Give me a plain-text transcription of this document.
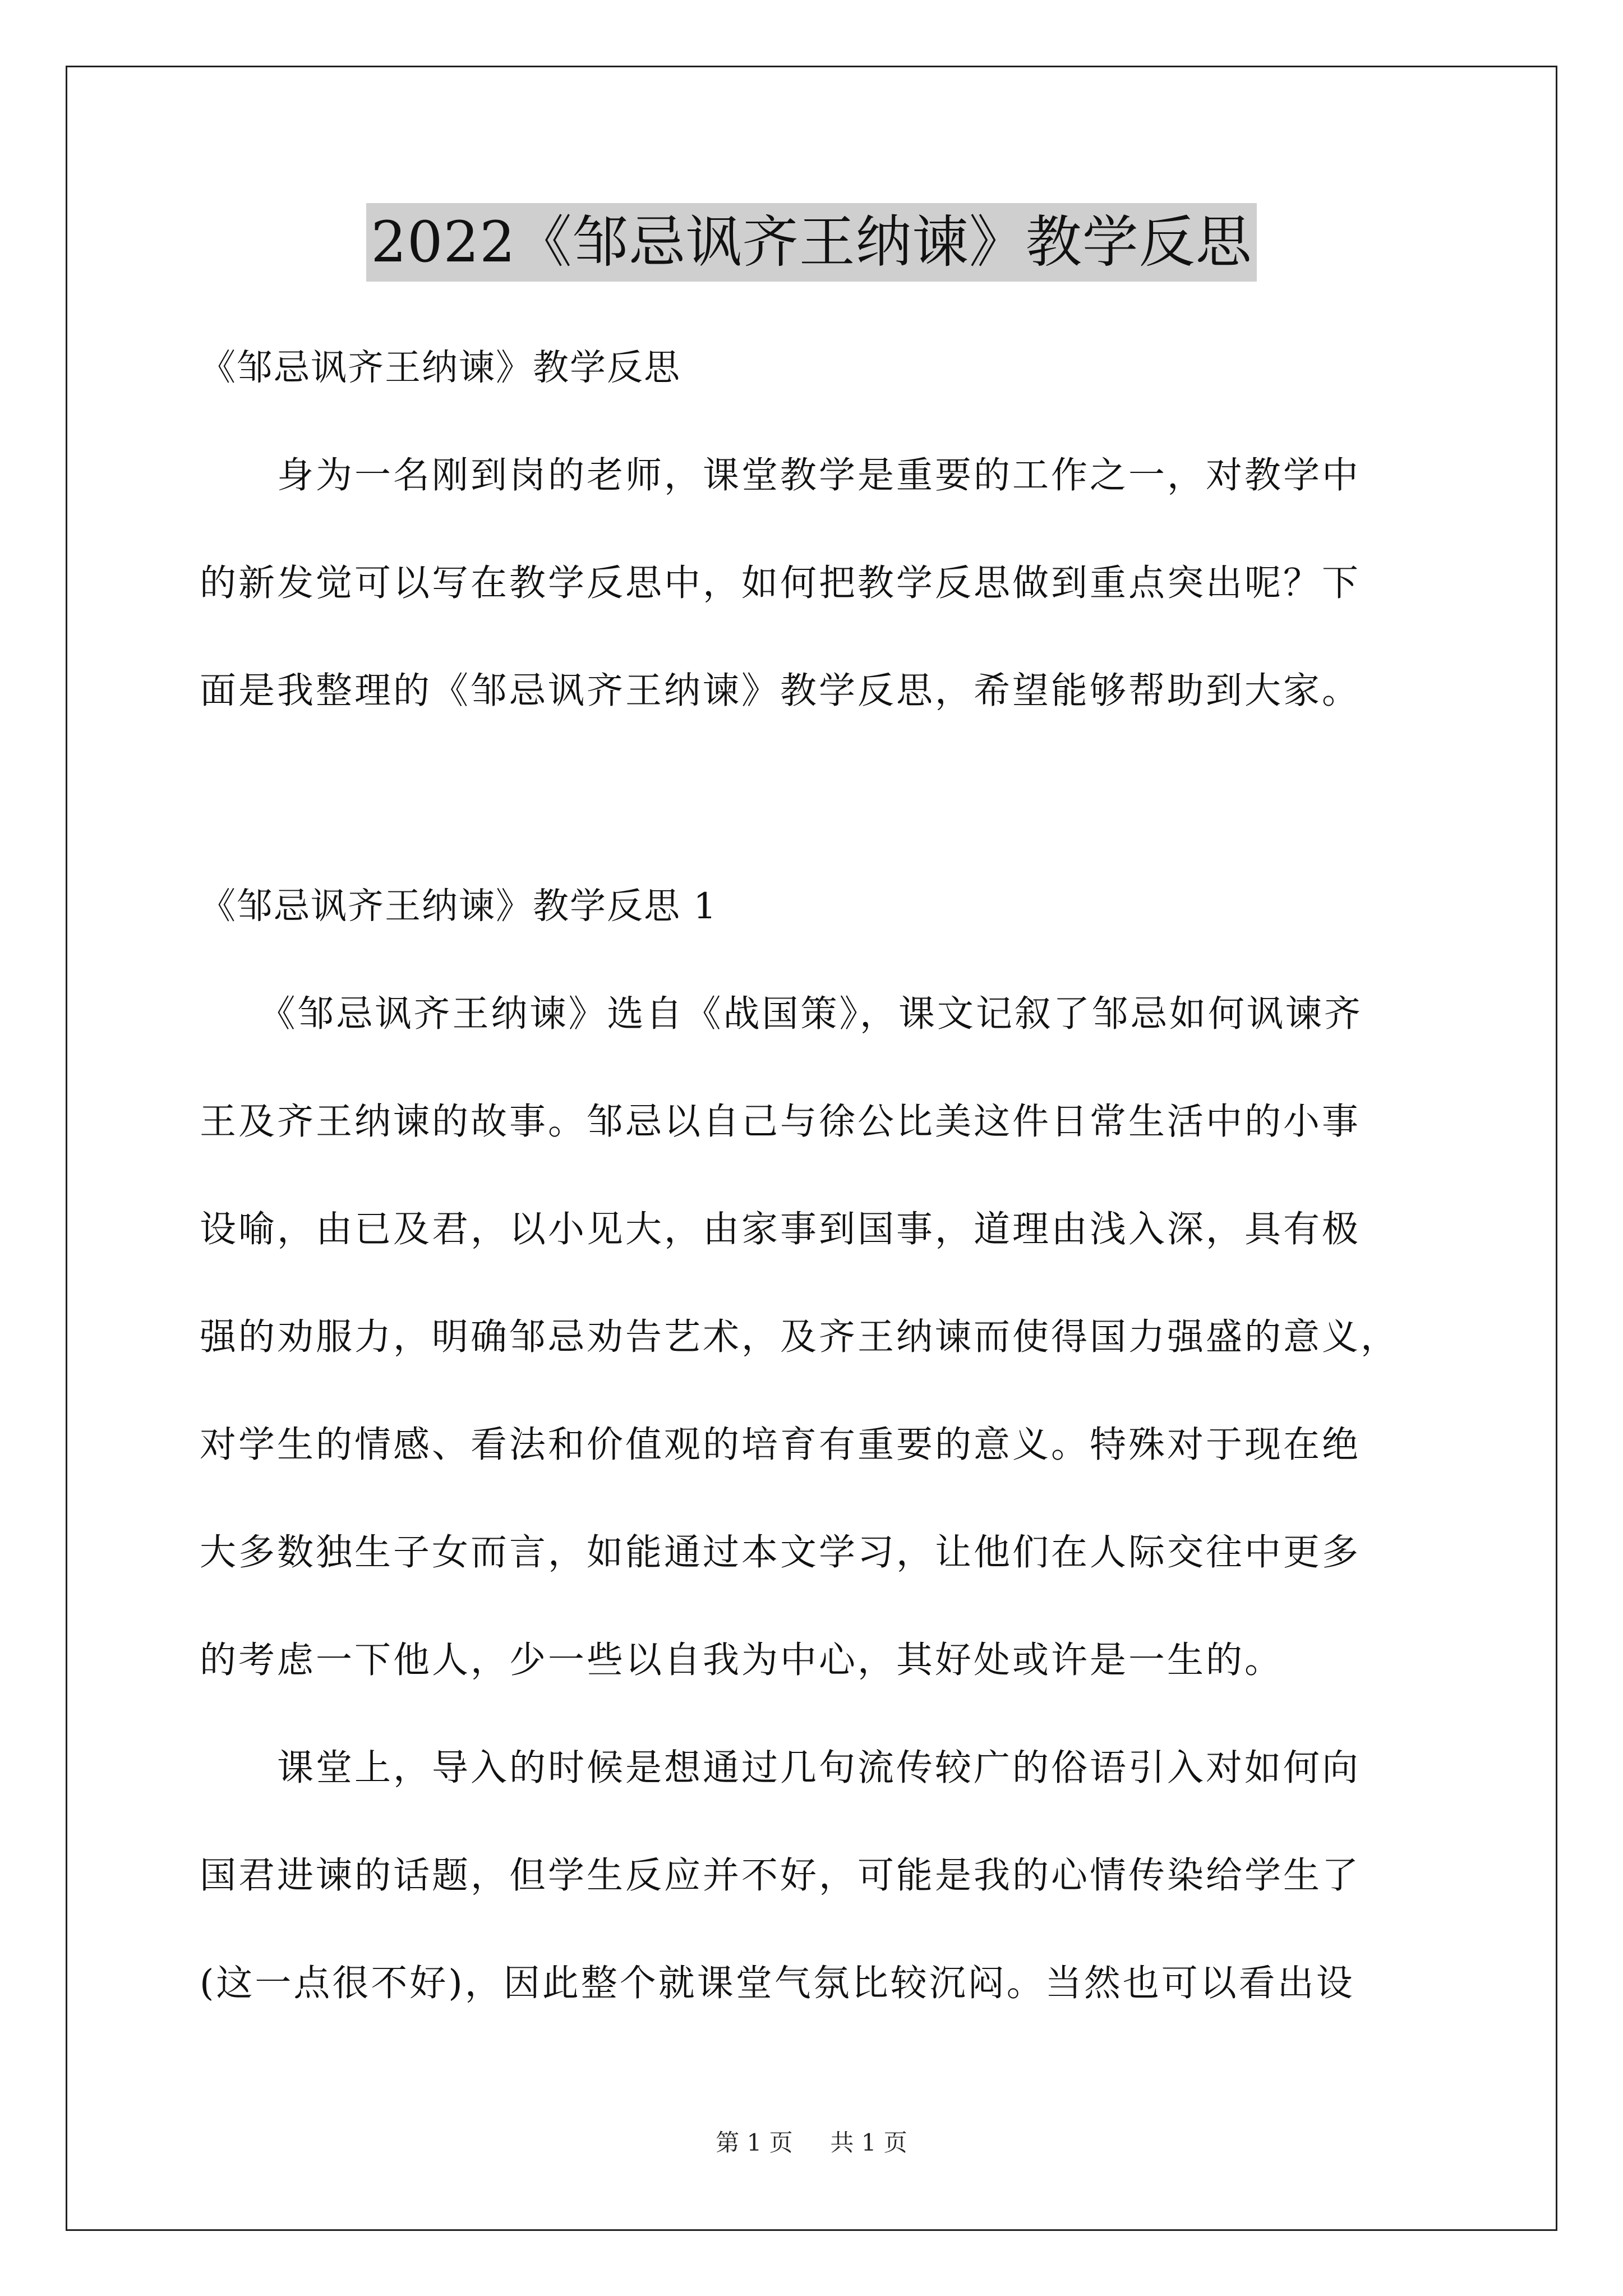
2022《邹忌讽齐王纳谏》教学反思
《邹忌讽齐王纳谏》教学反思
　　身为一名刚到岗的老师，课堂教学是重要的工作之一，对教学中
的新发觉可以写在教学反思中，如何把教学反思做到重点突出呢？下
面是我整理的《邹忌讽齐王纳谏》教学反思，希望能够帮助到大家。
《邹忌讽齐王纳谏》教学反思 1
　　《邹忌讽齐王纳谏》选自《战国策》，课文记叙了邹忌如何讽谏齐
王及齐王纳谏的故事。邹忌以自己与徐公比美这件日常生活中的小事
设喻，由已及君，以小见大，由家事到国事，道理由浅入深，具有极
强的劝服力，明确邹忌劝告艺术，及齐王纳谏而使得国力强盛的意义，
对学生的情感、看法和价值观的培育有重要的意义。特殊对于现在绝
大多数独生子女而言，如能通过本文学习，让他们在人际交往中更多
的考虑一下他人，少一些以自我为中心，其好处或许是一生的。
　　课堂上，导入的时候是想通过几句流传较广的俗语引入对如何向
国君进谏的话题，但学生反应并不好，可能是我的心情传染给学生了
(这一点很不好)，因此整个就课堂气氛比较沉闷。当然也可以看出设
第 1 页 共 1 页
